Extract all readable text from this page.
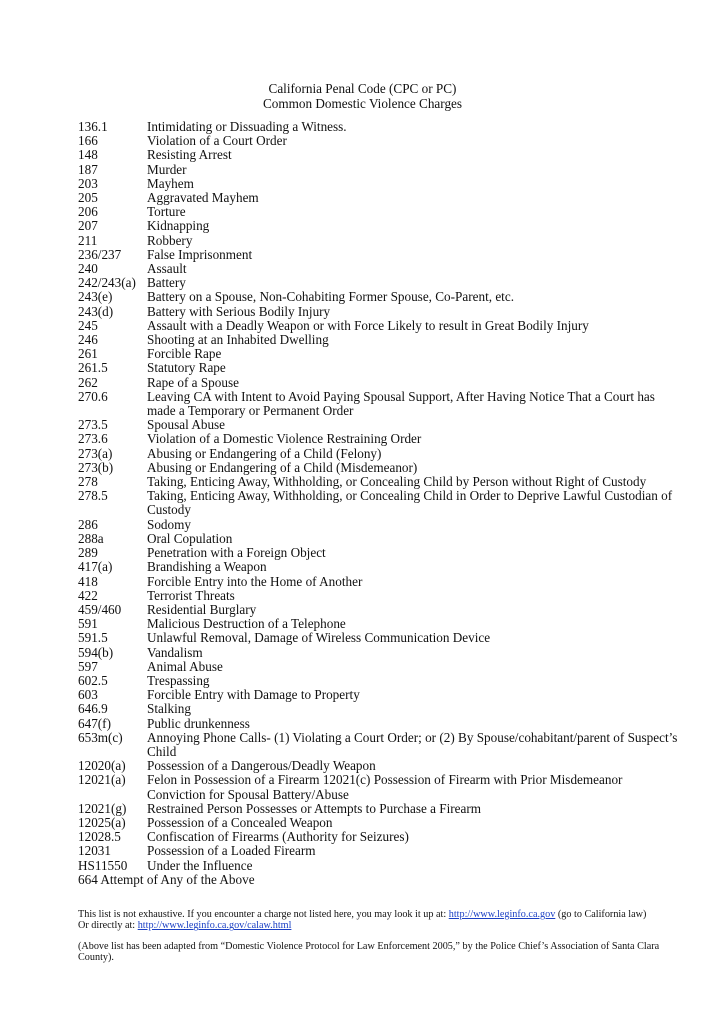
California Penal Code (CPC or PC)
Common Domestic Violence Charges
136.1	Intimidating or Dissuading a Witness.
166	Violation of a Court Order
148	Resisting Arrest
187	Murder
203	Mayhem
205	Aggravated Mayhem
206	Torture
207	Kidnapping
211	Robbery
236/237	False Imprisonment
240	Assault
242/243(a) Battery
243(e)	Battery on a Spouse, Non-Cohabiting Former Spouse, Co-Parent, etc.
243(d)	Battery with Serious Bodily Injury
245	Assault with a Deadly Weapon or with Force Likely to result in Great Bodily Injury
246	Shooting at an Inhabited Dwelling
261	Forcible Rape
261.5	Statutory Rape
262	Rape of a Spouse
270.6	Leaving CA with Intent to Avoid Paying Spousal Support, After Having Notice That a Court has made a Temporary or Permanent Order
273.5	Spousal Abuse
273.6	Violation of a Domestic Violence Restraining Order
273(a)	Abusing or Endangering of a Child (Felony)
273(b)	Abusing or Endangering of a Child (Misdemeanor)
278	Taking, Enticing Away, Withholding, or Concealing Child by Person without Right of Custody
278.5	Taking, Enticing Away, Withholding, or Concealing Child in Order to Deprive Lawful Custodian of Custody
286	Sodomy
288a	Oral Copulation
289	Penetration with a Foreign Object
417(a)	Brandishing a Weapon
418	Forcible Entry into the Home of Another
422	Terrorist Threats
459/460	Residential Burglary
591	Malicious Destruction of a Telephone
591.5	Unlawful Removal, Damage of Wireless Communication Device
594(b)	Vandalism
597	Animal Abuse
602.5	Trespassing
603	Forcible Entry with Damage to Property
646.9	Stalking
647(f)	Public drunkenness
653m(c)	Annoying Phone Calls- (1) Violating a Court Order; or (2) By Spouse/cohabitant/parent of Suspect’s Child
12020(a)	Possession of a Dangerous/Deadly Weapon
12021(a)	Felon in Possession of a Firearm 12021(c) Possession of Firearm with Prior Misdemeanor Conviction for Spousal Battery/Abuse
12021(g)	Restrained Person Possesses or Attempts to Purchase a Firearm
12025(a)	Possession of a Concealed Weapon
12028.5	Confiscation of Firearms (Authority for Seizures)
12031	Possession of a Loaded Firearm
HS11550	Under the Influence
664 Attempt of Any of the Above

This list is not exhaustive. If you encounter a charge not listed here, you may look it up at: http://www.leginfo.ca.gov (go to California law)
Or directly at: http://www.leginfo.ca.gov/calaw.html

(Above list has been adapted from “Domestic Violence Protocol for Law Enforcement 2005,” by the Police Chief’s Association of Santa Clara County).
